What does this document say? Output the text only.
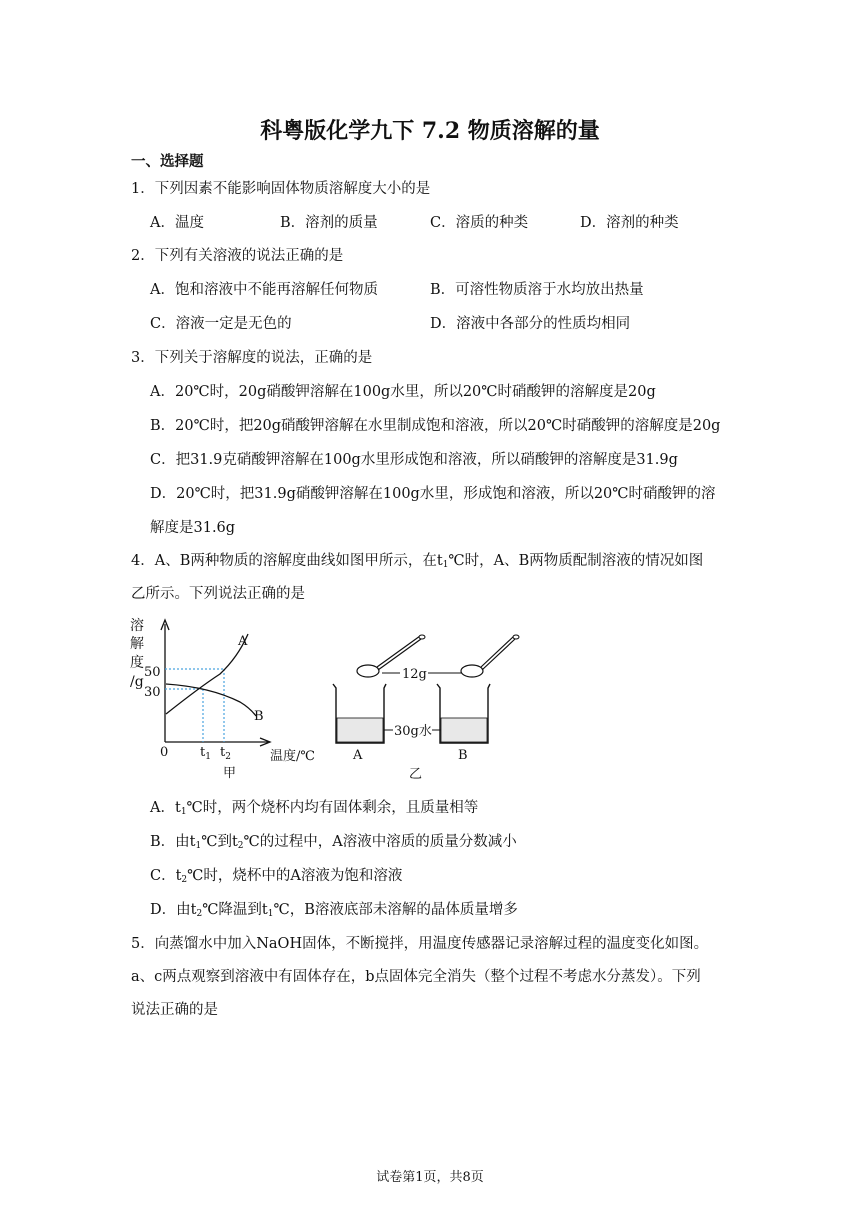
科粤版化学九下 7.2 物质溶解的量
一、选择题
1．下列因素不能影响固体物质溶解度大小的是
A．温度	B．溶剂的质量	C．溶质的种类	D．溶剂的种类
2．下列有关溶液的说法正确的是
A．饱和溶液中不能再溶解任何物质	B．可溶性物质溶于水均放出热量
C．溶液一定是无色的	D．溶液中各部分的性质均相同
3．下列关于溶解度的说法，正确的是
A．20℃时，20g硝酸钾溶解在100g水里，所以20℃时硝酸钾的溶解度是20g
B．20℃时，把20g硝酸钾溶解在水里制成饱和溶液，所以20℃时硝酸钾的溶解度是20g
C．把31.9克硝酸钾溶解在100g水里形成饱和溶液，所以硝酸钾的溶解度是31.9g
D．20℃时，把31.9g硝酸钾溶解在100g水里，形成饱和溶液，所以20℃时硝酸钾的溶
解度是31.6g
4．A、B两种物质的溶解度曲线如图甲所示，在$t_1℃$时，A、B两物质配制溶液的情况如图
乙所示。下列说法正确的是
溶
解
度
/g
50
30
A
B
0 $t_1$ $t_2$	温度/℃
甲
12g
30g水
A	B
乙
A．$t_1℃$时，两个烧杯内均有固体剩余，且质量相等
B．由$t_1℃$到$t_2℃$的过程中，A溶液中溶质的质量分数减小
C．$t_2℃$时，烧杯中的A溶液为饱和溶液
D．由$t_2℃$降温到$t_1℃$，B溶液底部未溶解的晶体质量增多
5．向蒸馏水中加入NaOH固体，不断搅拌，用温度传感器记录溶解过程的温度变化如图。
a、c两点观察到溶液中有固体存在，b点固体完全消失（整个过程不考虑水分蒸发）。下列
说法正确的是
试卷第1页，共8页
